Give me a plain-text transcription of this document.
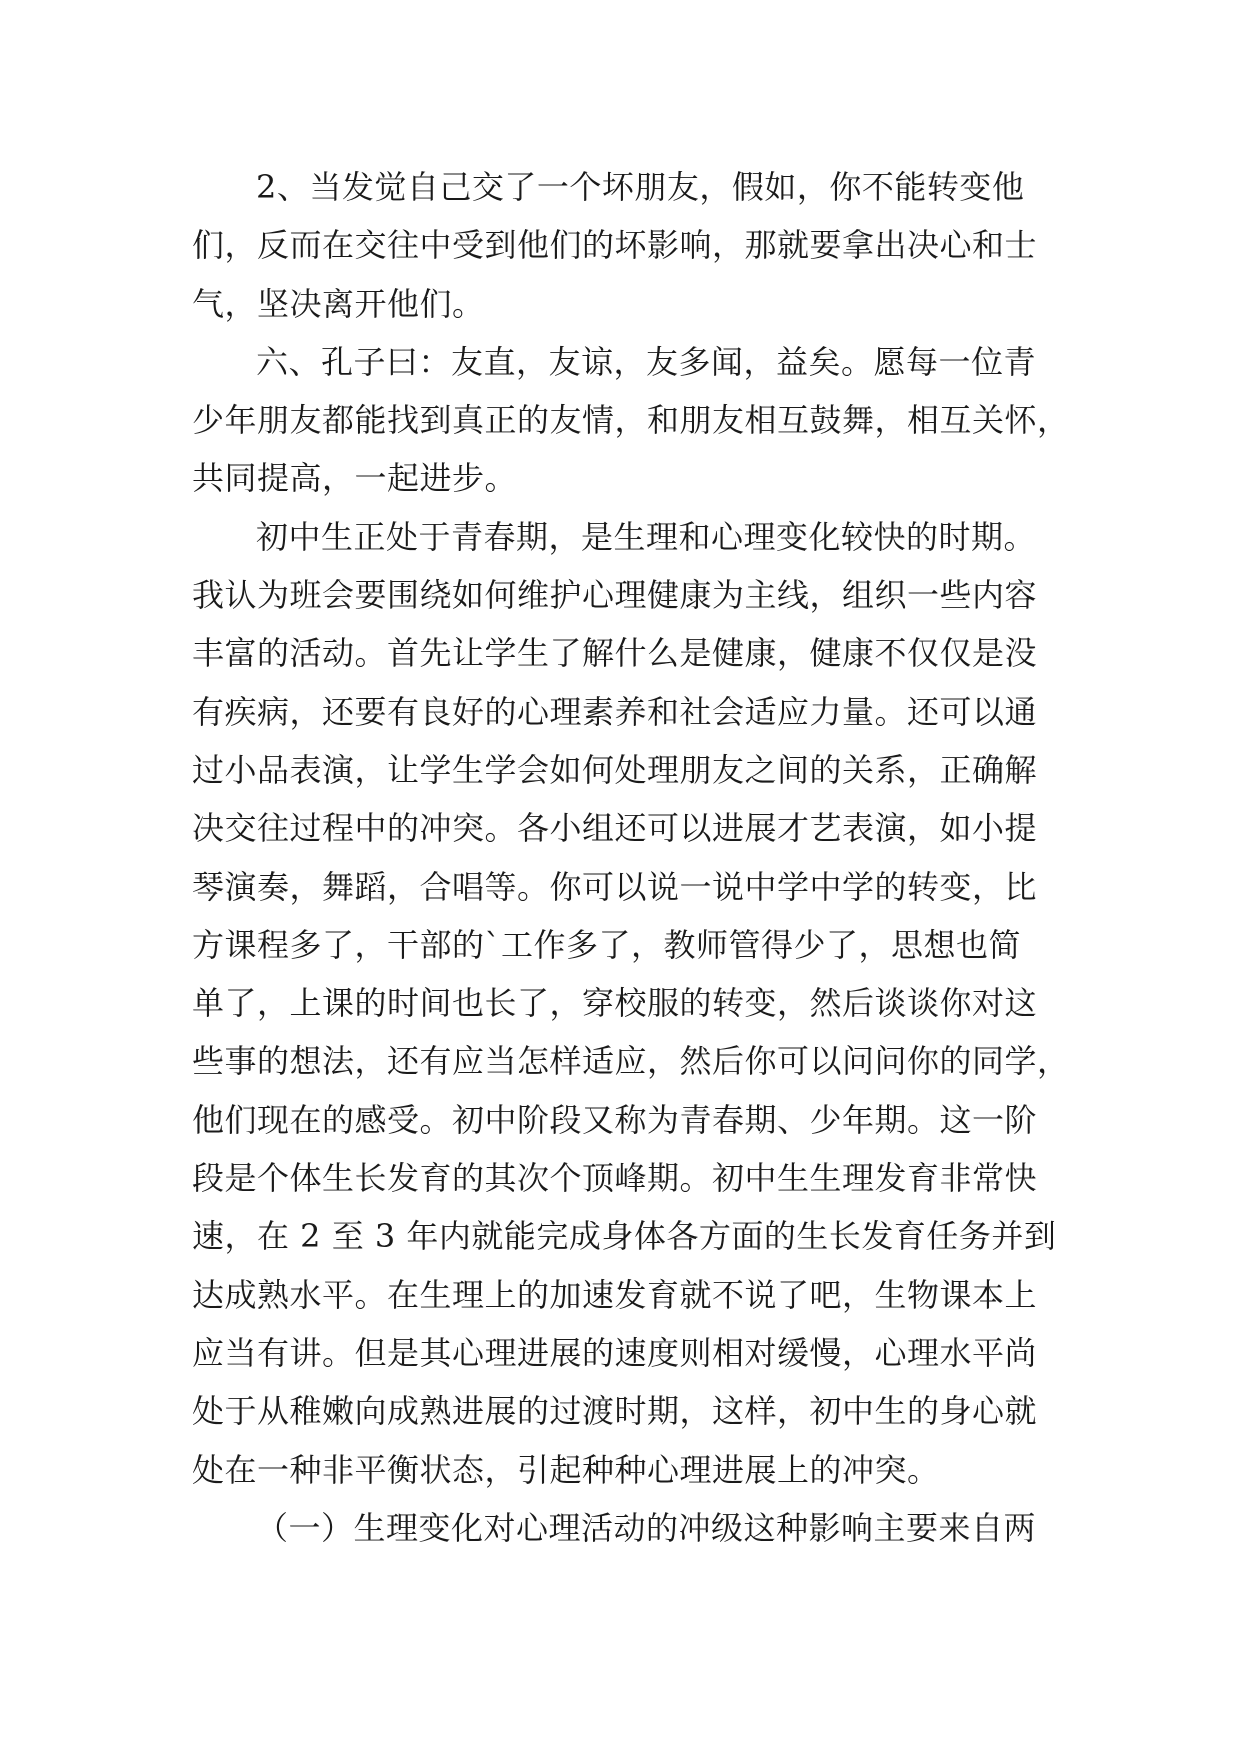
2、当发觉自己交了一个坏朋友，假如，你不能转变他
们，反而在交往中受到他们的坏影响，那就要拿出决心和士
气，坚决离开他们。
六、孔子曰：友直，友谅，友多闻，益矣。愿每一位青
少年朋友都能找到真正的友情，和朋友相互鼓舞，相互关怀，
共同提高，一起进步。
初中生正处于青春期，是生理和心理变化较快的时期。
我认为班会要围绕如何维护心理健康为主线，组织一些内容
丰富的活动。首先让学生了解什么是健康，健康不仅仅是没
有疾病，还要有良好的心理素养和社会适应力量。还可以通
过小品表演，让学生学会如何处理朋友之间的关系，正确解
决交往过程中的冲突。各小组还可以进展才艺表演，如小提
琴演奏，舞蹈，合唱等。你可以说一说中学中学的转变，比
方课程多了，干部的`工作多了，教师管得少了，思想也简
单了，上课的时间也长了，穿校服的转变，然后谈谈你对这
些事的想法，还有应当怎样适应，然后你可以问问你的同学，
他们现在的感受。初中阶段又称为青春期、少年期。这一阶
段是个体生长发育的其次个顶峰期。初中生生理发育非常快
速，在 2 至 3 年内就能完成身体各方面的生长发育任务并到
达成熟水平。在生理上的加速发育就不说了吧，生物课本上
应当有讲。但是其心理进展的速度则相对缓慢，心理水平尚
处于从稚嫩向成熟进展的过渡时期，这样，初中生的身心就
处在一种非平衡状态，引起种种心理进展上的冲突。
（一）生理变化对心理活动的冲级这种影响主要来自两
